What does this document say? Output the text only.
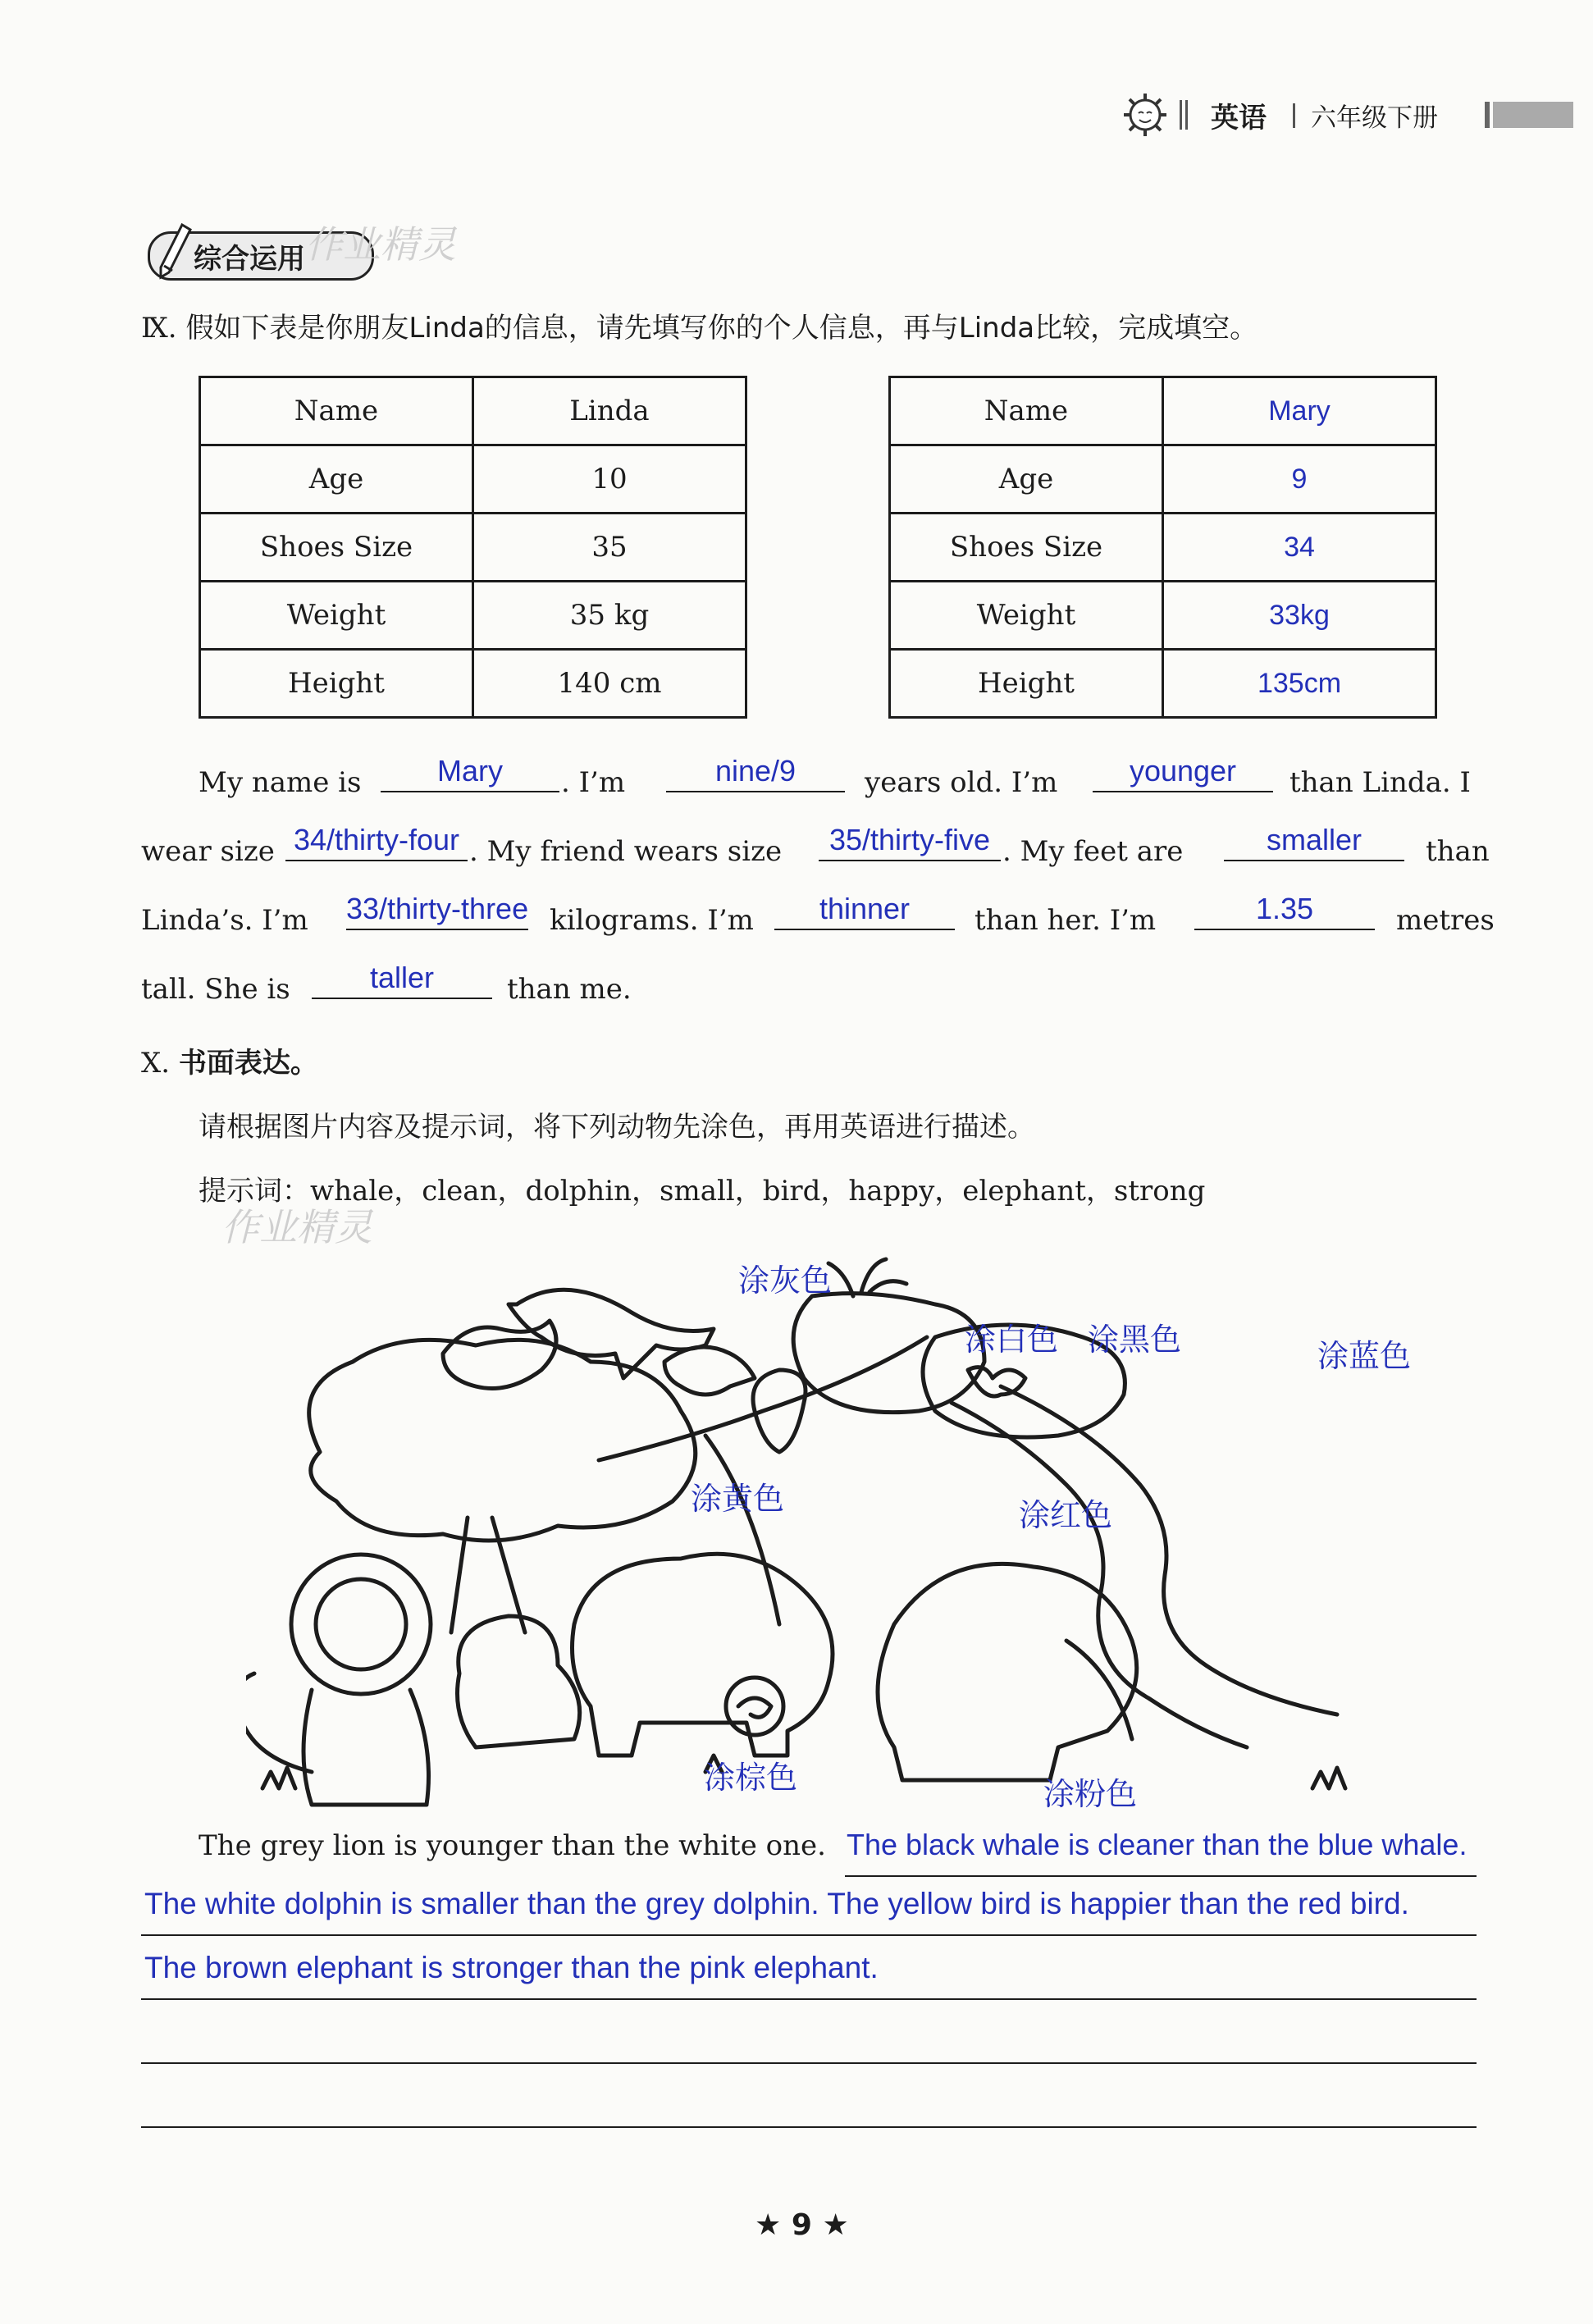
英语 六年级下册
综合运用 作业精灵
Ⅸ. 假如下表是你朋友Linda的信息，请先填写你的个人信息，再与Linda比较，完成填空。
Name	Linda
Age	10
Shoes Size	35
Weight	35 kg
Height	140 cm
Name	Mary
Age	9
Shoes Size	34
Weight	33kg
Height	135cm
My name is	Mary	. I’m	nine/9	years old. I’m	younger	than Linda. I
wear size 34/thirty-four . My friend wears size	35/thirty-five . My feet are	smaller	than
Linda’s. I’m 33/thirty-three kilograms. I’m	thinner	than her. I’m	1.35	metres
tall. She is	taller	than me.
Ⅹ. 书面表达。
请根据图片内容及提示词，将下列动物先涂色，再用英语进行描述。
提示词：whale，clean，dolphin，small，bird，happy，elephant，strong
作业精灵
涂灰色
涂白色 涂黑色	涂蓝色
涂黄色	涂红色
涂棕色	涂粉色
The grey lion is younger than the white one. The black whale is cleaner than the blue whale.
The white dolphin is smaller than the grey dolphin. The yellow bird is happier than the red bird.
The brown elephant is stronger than the pink elephant.
★ 9 ★
